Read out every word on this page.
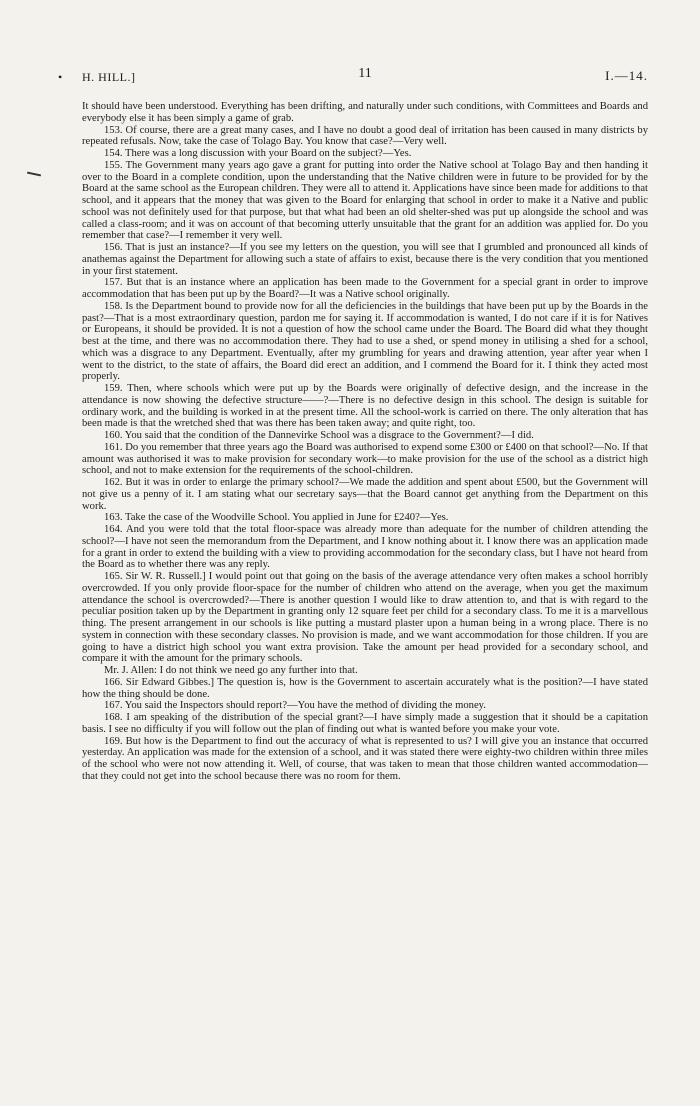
• H. HILL.]	11	I.—14.

It should have been understood. Everything has been drifting, and naturally under such conditions, with Committees and Boards and everybody else it has been simply a game of grab.

153. Of course, there are a great many cases, and I have no doubt a good deal of irritation has been caused in many districts by repeated refusals. Now, take the case of Tolago Bay. You know that case?—Very well.

154. There was a long discussion with your Board on the subject?—Yes.

155. The Government many years ago gave a grant for putting into order the Native school at Tolago Bay and then handing it over to the Board in a complete condition, upon the understanding that the Native children were in future to be provided for by the Board at the same school as the European children. They were all to attend it. Applications have since been made for additions to that school, and it appears that the money that was given to the Board for enlarging that school in order to make it a Native and public school was not definitely used for that purpose, but that what had been an old shelter-shed was put up alongside the school and was called a class-room; and it was on account of that becoming utterly unsuitable that the grant for an addition was applied for. Do you remember that case?—I remember it very well.

156. That is just an instance?—If you see my letters on the question, you will see that I grumbled and pronounced all kinds of anathemas against the Department for allowing such a state of affairs to exist, because there is the very condition that you mentioned in your first statement.

157. But that is an instance where an application has been made to the Government for a special grant in order to improve accommodation that has been put up by the Board?—It was a Native school originally.

158. Is the Department bound to provide now for all the deficiencies in the buildings that have been put up by the Boards in the past?—That is a most extraordinary question, pardon me for saying it. If accommodation is wanted, I do not care if it is for Natives or Europeans, it should be provided. It is not a question of how the school came under the Board. The Board did what they thought best at the time, and there was no accommodation there. They had to use a shed, or spend money in utilising a shed for a school, which was a disgrace to any Department. Eventually, after my grumbling for years and drawing attention, year after year when I went to the district, to the state of affairs, the Board did erect an addition, and I commend the Board for it. I think they acted most properly.

159. Then, where schools which were put up by the Boards were originally of defective design, and the increase in the attendance is now showing the defective structure——?—There is no defective design in this school. The design is suitable for ordinary work, and the building is worked in at the present time. All the school-work is carried on there. The only alteration that has been made is that the wretched shed that was there has been taken away; and quite right, too.

160. You said that the condition of the Dannevirke School was a disgrace to the Government?—I did.

161. Do you remember that three years ago the Board was authorised to expend some £300 or £400 on that school?—No. If that amount was authorised it was to make provision for secondary work—to make provision for the use of the school as a district high school, and not to make extension for the requirements of the school-children.

162. But it was in order to enlarge the primary school?—We made the addition and spent about £500, but the Government will not give us a penny of it. I am stating what our secretary says—that the Board cannot get anything from the Department on this work.

163. Take the case of the Woodville School. You applied in June for £240?—Yes.

164. And you were told that the total floor-space was already more than adequate for the number of children attending the school?—I have not seen the memorandum from the Department, and I know nothing about it. I know there was an application made for a grant in order to extend the building with a view to providing accommodation for the secondary class, but I have not heard from the Board as to whether there was any reply.

165. Sir W. R. Russell.] I would point out that going on the basis of the average attendance very often makes a school horribly overcrowded. If you only provide floor-space for the number of children who attend on the average, when you get the maximum attendance the school is overcrowded?—There is another question I would like to draw attention to, and that is with regard to the peculiar position taken up by the Department in granting only 12 square feet per child for a secondary class. To me it is a marvellous thing. The present arrangement in our schools is like putting a mustard plaster upon a human being in a wrong place. There is no system in connection with these secondary classes. No provision is made, and we want accommodation for those children. If you are going to have a district high school you want extra provision. Take the amount per head provided for a secondary school, and compare it with the amount for the primary schools.

Mr. J. Allen: I do not think we need go any further into that.

166. Sir Edward Gibbes.] The question is, how is the Government to ascertain accurately what is the position?—I have stated how the thing should be done.

167. You said the Inspectors should report?—You have the method of dividing the money.

168. I am speaking of the distribution of the special grant?—I have simply made a suggestion that it should be a capitation basis. I see no difficulty if you will follow out the plan of finding out what is wanted before you make your vote.

169. But how is the Department to find out the accuracy of what is represented to us? I will give you an instance that occurred yesterday. An application was made for the extension of a school, and it was stated there were eighty-two children within three miles of the school who were not now attending it. Well, of course, that was taken to mean that those children wanted accommodation—that they could not get into the school because there was no room for them.
